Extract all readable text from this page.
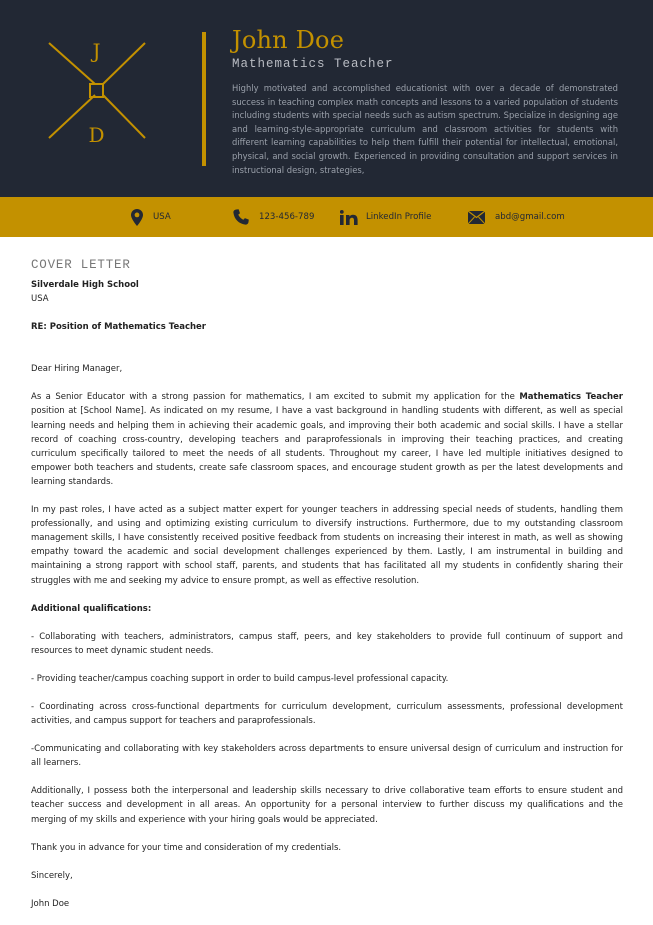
J
D
John Doe
Mathematics Teacher
Highly motivated and accomplished educationist with over a decade of demonstrated success in teaching complex math concepts and lessons to a varied population of students including students with special needs such as autism spectrum. Specialize in designing age and learning-style-appropriate curriculum and classroom activities for students with different learning capabilities to help them fulfill their potential for intellectual, emotional, physical, and social growth. Experienced in providing consultation and support services in instructional design, strategies,
USA	123-456-789	LinkedIn Profile	abd@gmail.com
COVER LETTER
Silverdale High School
USA
RE: Position of Mathematics Teacher
Dear Hiring Manager,
As a Senior Educator with a strong passion for mathematics, I am excited to submit my application for the Mathematics Teacher position at [School Name]. As indicated on my resume, I have a vast background in handling students with different, as well as special learning needs and helping them in achieving their academic goals, and improving their both academic and social skills. I have a stellar record of coaching cross-country, developing teachers and paraprofessionals in improving their teaching practices, and creating curriculum specifically tailored to meet the needs of all students. Throughout my career, I have led multiple initiatives designed to empower both teachers and students, create safe classroom spaces, and encourage student growth as per the latest developments and learning standards.
In my past roles, I have acted as a subject matter expert for younger teachers in addressing special needs of students, handling them professionally, and using and optimizing existing curriculum to diversify instructions. Furthermore, due to my outstanding classroom management skills, I have consistently received positive feedback from students on increasing their interest in math, as well as showing empathy toward the academic and social development challenges experienced by them. Lastly, I am instrumental in building and maintaining a strong rapport with school staff, parents, and students that has facilitated all my students in confidently sharing their struggles with me and seeking my advice to ensure prompt, as well as effective resolution.
Additional qualifications:
- Collaborating with teachers, administrators, campus staff, peers, and key stakeholders to provide full continuum of support and resources to meet dynamic student needs.
- Providing teacher/campus coaching support in order to build campus-level professional capacity.
- Coordinating across cross-functional departments for curriculum development, curriculum assessments, professional development activities, and campus support for teachers and paraprofessionals.
-Communicating and collaborating with key stakeholders across departments to ensure universal design of curriculum and instruction for all learners.
Additionally, I possess both the interpersonal and leadership skills necessary to drive collaborative team efforts to ensure student and teacher success and development in all areas. An opportunity for a personal interview to further discuss my qualifications and the merging of my skills and experience with your hiring goals would be appreciated.
Thank you in advance for your time and consideration of my credentials.
Sincerely,
John Doe
